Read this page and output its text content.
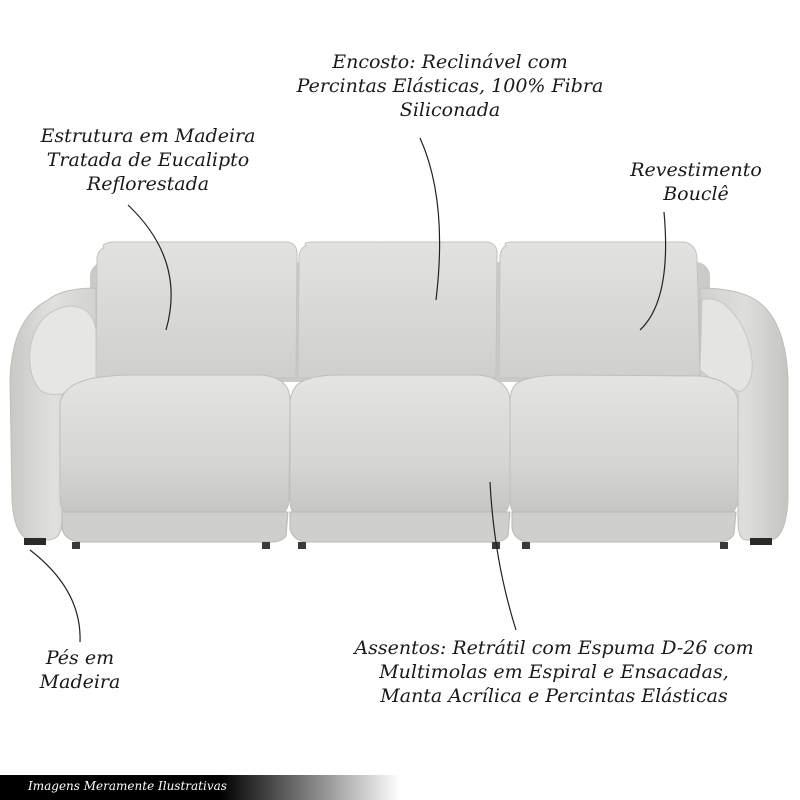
Encosto: Reclinável com
Percintas Elásticas, 100% Fibra
Siliconada
Estrutura em Madeira
Tratada de Eucalipto
Reflorestada
Revestimento
Bouclê
Pés em
Madeira
Assentos: Retrátil com Espuma D-26 com
Multimolas em Espiral e Ensacadas,
Manta Acrílica e Percintas Elásticas
Imagens Meramente Ilustrativas
